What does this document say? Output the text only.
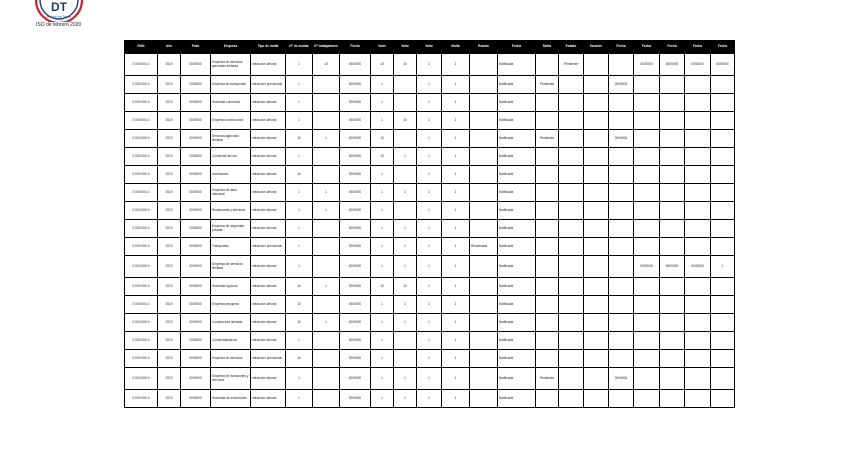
DT
Dirección del Trabajo
ISO de febrero 2020
RUN	Año	Folio	Empresa	Tipo de multa	N° de multas	N° trabajadores	Fecha	Valor	Valor	Valor	Multa	Estado	Fecha	Multa	Estado	Sanción	Fecha	Fecha	Fecha	Fecha	Fecha
0.000.000-0	2019	0000000	Empresa de servicios generales limitada	Infracción laboral	1	10	00/00/00	10	10	1	1		Notificada		Pendiente			00/00/00	00/00/00	00/00/00	00/00/00
0.000.000-0	2019	0000000	Empresa de transportes	Infracción previsional	1		00/00/00	1		1	1		Notificada	Pendiente			00/00/00				
0.000.000-0	2019	0000000	Sociedad comercial	Infracción laboral	1		00/00/00	1		1	1		Notificada								
0.000.000-0	2019	0000000	Empresa constructora	Infracción laboral	1		00/00/00	1	10	1	1		Notificada								
0.000.000-0	2019	0000000	Servicios agrícolas limitada	Infracción laboral	10	1	00/00/00	10		1	1		Notificada	Pendiente			00/00/00				
0.000.000-0	2019	0000000	Comercial del sur	Infracción laboral	1		00/00/00	10	1	1	1		Notificada								
0.000.000-0	2019	0000000	Inversiones	Infracción laboral	10		00/00/00	1		1	1		Notificada								
0.000.000-0	2019	0000000	Empresa de aseo industrial	Infracción laboral	1	1	00/00/00	1	1	1	1		Notificada								
0.000.000-0	2019	0000000	Restaurante y servicios	Infracción laboral	1	1	00/00/00	1		1	1		Notificada								
0.000.000-0	2019	0000000	Empresa de seguridad privada	Infracción laboral	1		00/00/00	1	1	1	1		Notificada								
0.000.000-0	2019	0000000	Transportes	Infracción previsional	1		00/00/00	1	1	1	1	Reclamada	Notificada								
0.000.000-0	2019	0000000	Empresa de servicios limitada	Infracción laboral	1		00/00/00	1	1	1	1		Notificada					00/00/00	00/00/00	00/00/00	1
0.000.000-0	2019	0000000	Sociedad agrícola	Infracción laboral	10	1	00/00/00	10	10	1	1		Notificada								
0.000.000-0	2019	0000000	Empresa pesquera	Infracción laboral	10		00/00/00	1	1	1	1		Notificada								
0.000.000-0	2019	0000000	Constructora limitada	Infracción laboral	10	1	00/00/00	1	1	1	1		Notificada								
0.000.000-0	2019	0000000	Comercializadora	Infracción laboral	1		00/00/00	1		1	1		Notificada								
0.000.000-0	2019	0000000	Empresa de servicios	Infracción previsional	10		00/00/00	1		1	1		Notificada								
0.000.000-0	2019	0000000	Empresa de transportes y servicios	Infracción laboral	1		00/00/00	1	1	1	1		Notificada	Pendiente			00/00/00				
0.000.000-0	2019	0000000	Sociedad de inversiones	Infracción laboral	1		00/00/00	1	1	1	1		Notificada								
